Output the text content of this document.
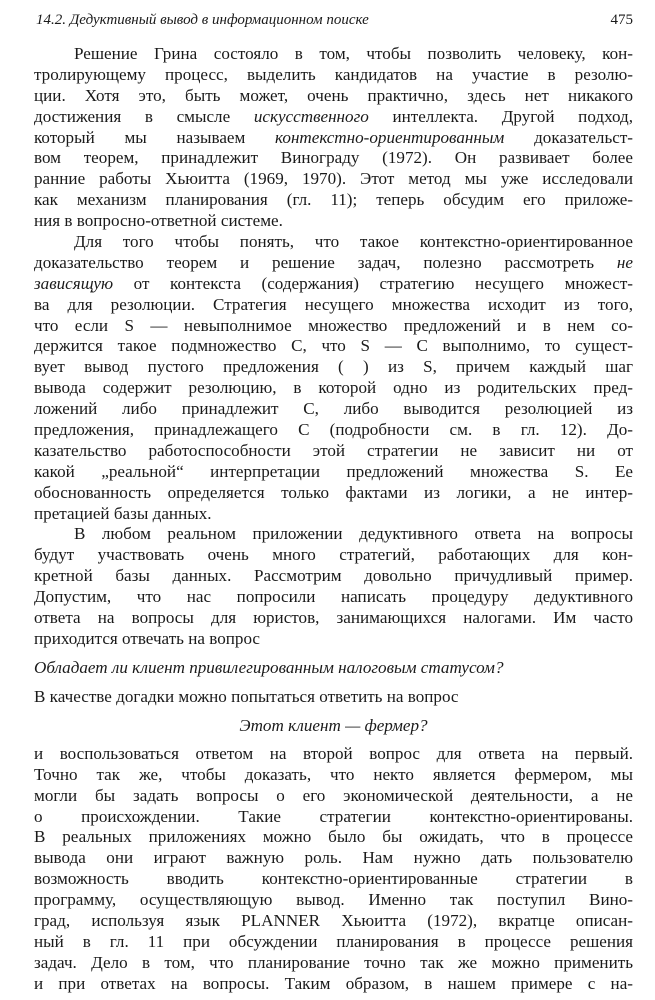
14.2. Дедуктивный вывод в информационном поиске	475
Решение Грина состояло в том, чтобы позволить человеку, кон-
тролирующему процесс, выделить кандидатов на участие в резолю-
ции. Хотя это, быть может, очень практично, здесь нет никакого
достижения в смысле искусственного интеллекта. Другой подход,
который мы называем контекстно-ориентированным доказательст-
вом теорем, принадлежит Винограду (1972). Он развивает более
ранние работы Хьюитта (1969, 1970). Этот метод мы уже исследовали
как механизм планирования (гл. 11); теперь обсудим его приложе-
ния в вопросно-ответной системе.
Для того чтобы понять, что такое контекстно-ориентированное
доказательство теорем и решение задач, полезно рассмотреть не
зависящую от контекста (содержания) стратегию несущего множест-
ва для резолюции. Стратегия несущего множества исходит из того,
что если S — невыполнимое множество предложений и в нем со-
держится такое подмножество C, что S — C выполнимо, то сущест-
вует вывод пустого предложения ( ) из S, причем каждый шаг
вывода содержит резолюцию, в которой одно из родительских пред-
ложений либо принадлежит C, либо выводится резолюцией из
предложения, принадлежащего C (подробности см. в гл. 12). До-
казательство работоспособности этой стратегии не зависит ни от
какой „реальной“ интерпретации предложений множества S. Ее
обоснованность определяется только фактами из логики, а не интер-
претацией базы данных.
В любом реальном приложении дедуктивного ответа на вопросы
будут участвовать очень много стратегий, работающих для кон-
кретной базы данных. Рассмотрим довольно причудливый пример.
Допустим, что нас попросили написать процедуру дедуктивного
ответа на вопросы для юристов, занимающихся налогами. Им часто
приходится отвечать на вопрос
Обладает ли клиент привилегированным налоговым статусом?
В качестве догадки можно попытаться ответить на вопрос
Этот клиент — фермер?
и воспользоваться ответом на второй вопрос для ответа на первый.
Точно так же, чтобы доказать, что некто является фермером, мы
могли бы задать вопросы о его экономической деятельности, а не
о происхождении. Такие стратегии контекстно-ориентированы.
В реальных приложениях можно было бы ожидать, что в процессе
вывода они играют важную роль. Нам нужно дать пользователю
возможность вводить контекстно-ориентированные стратегии в
программу, осуществляющую вывод. Именно так поступил Вино-
град, используя язык PLANNER Хьюитта (1972), вкратце описан-
ный в гл. 11 при обсуждении планирования в процессе решения
задач. Дело в том, что планирование точно так же можно применить
и при ответах на вопросы. Таким образом, в нашем примере с на-
